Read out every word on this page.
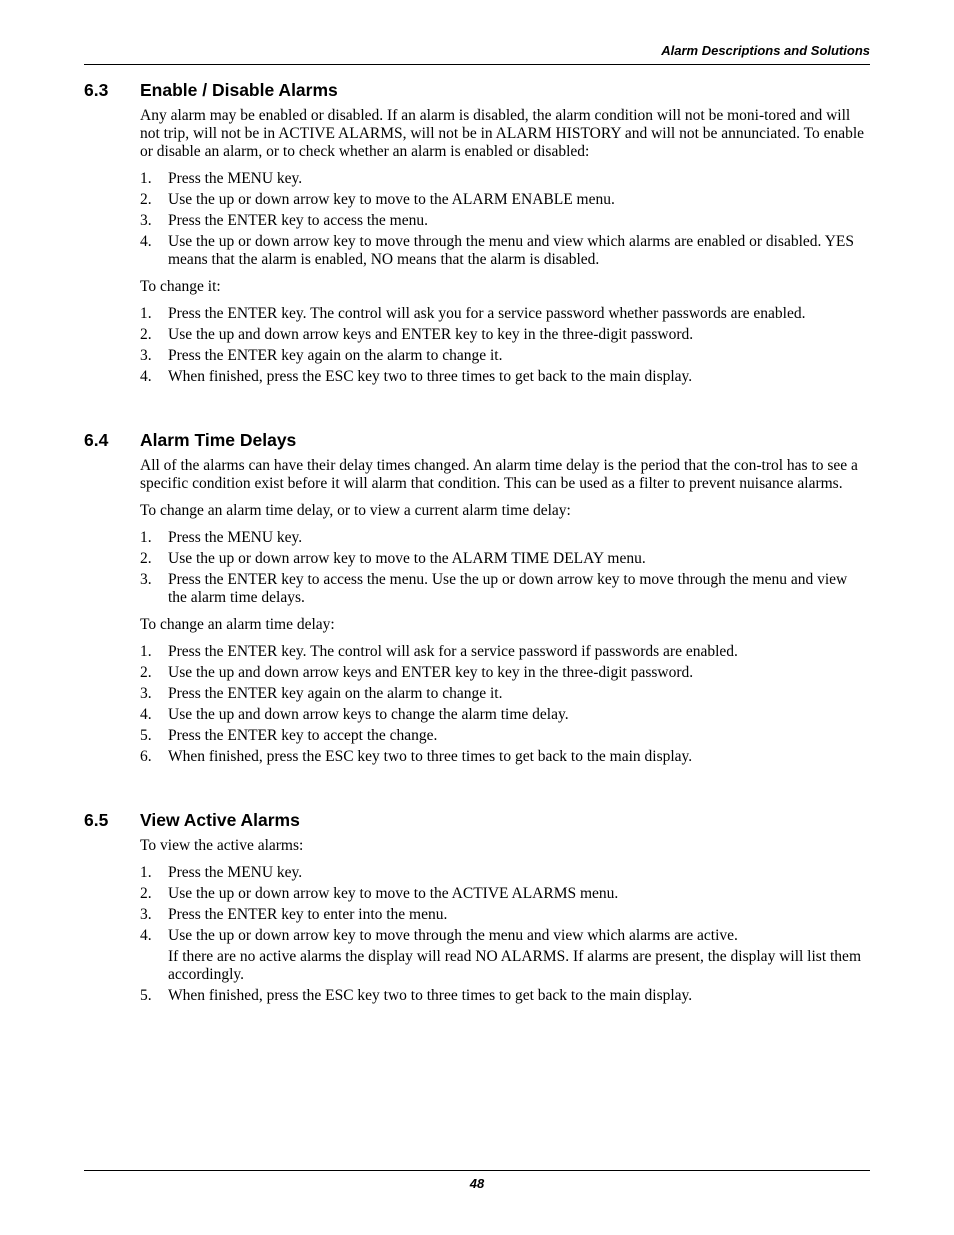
Alarm Descriptions and Solutions
6.3 Enable / Disable Alarms

Any alarm may be enabled or disabled. If an alarm is disabled, the alarm condition will not be moni-tored and will not trip, will not be in ACTIVE ALARMS, will not be in ALARM HISTORY and will not be annunciated. To enable or disable an alarm, or to check whether an alarm is enabled or disabled:

1. Press the MENU key.
2. Use the up or down arrow key to move to the ALARM ENABLE menu.
3. Press the ENTER key to access the menu.
4. Use the up or down arrow key to move through the menu and view which alarms are enabled or disabled. YES means that the alarm is enabled, NO means that the alarm is disabled.

To change it:

1. Press the ENTER key. The control will ask you for a service password whether passwords are enabled.
2. Use the up and down arrow keys and ENTER key to key in the three-digit password.
3. Press the ENTER key again on the alarm to change it.
4. When finished, press the ESC key two to three times to get back to the main display.
6.4 Alarm Time Delays

All of the alarms can have their delay times changed. An alarm time delay is the period that the con-trol has to see a specific condition exist before it will alarm that condition. This can be used as a filter to prevent nuisance alarms.

To change an alarm time delay, or to view a current alarm time delay:

1. Press the MENU key.
2. Use the up or down arrow key to move to the ALARM TIME DELAY menu.
3. Press the ENTER key to access the menu. Use the up or down arrow key to move through the menu and view the alarm time delays.

To change an alarm time delay:

1. Press the ENTER key. The control will ask for a service password if passwords are enabled.
2. Use the up and down arrow keys and ENTER key to key in the three-digit password.
3. Press the ENTER key again on the alarm to change it.
4. Use the up and down arrow keys to change the alarm time delay.
5. Press the ENTER key to accept the change.
6. When finished, press the ESC key two to three times to get back to the main display.
6.5 View Active Alarms

To view the active alarms:

1. Press the MENU key.
2. Use the up or down arrow key to move to the ACTIVE ALARMS menu.
3. Press the ENTER key to enter into the menu.
4. Use the up or down arrow key to move through the menu and view which alarms are active.
If there are no active alarms the display will read NO ALARMS. If alarms are present, the display will list them accordingly.
5. When finished, press the ESC key two to three times to get back to the main display.
48
